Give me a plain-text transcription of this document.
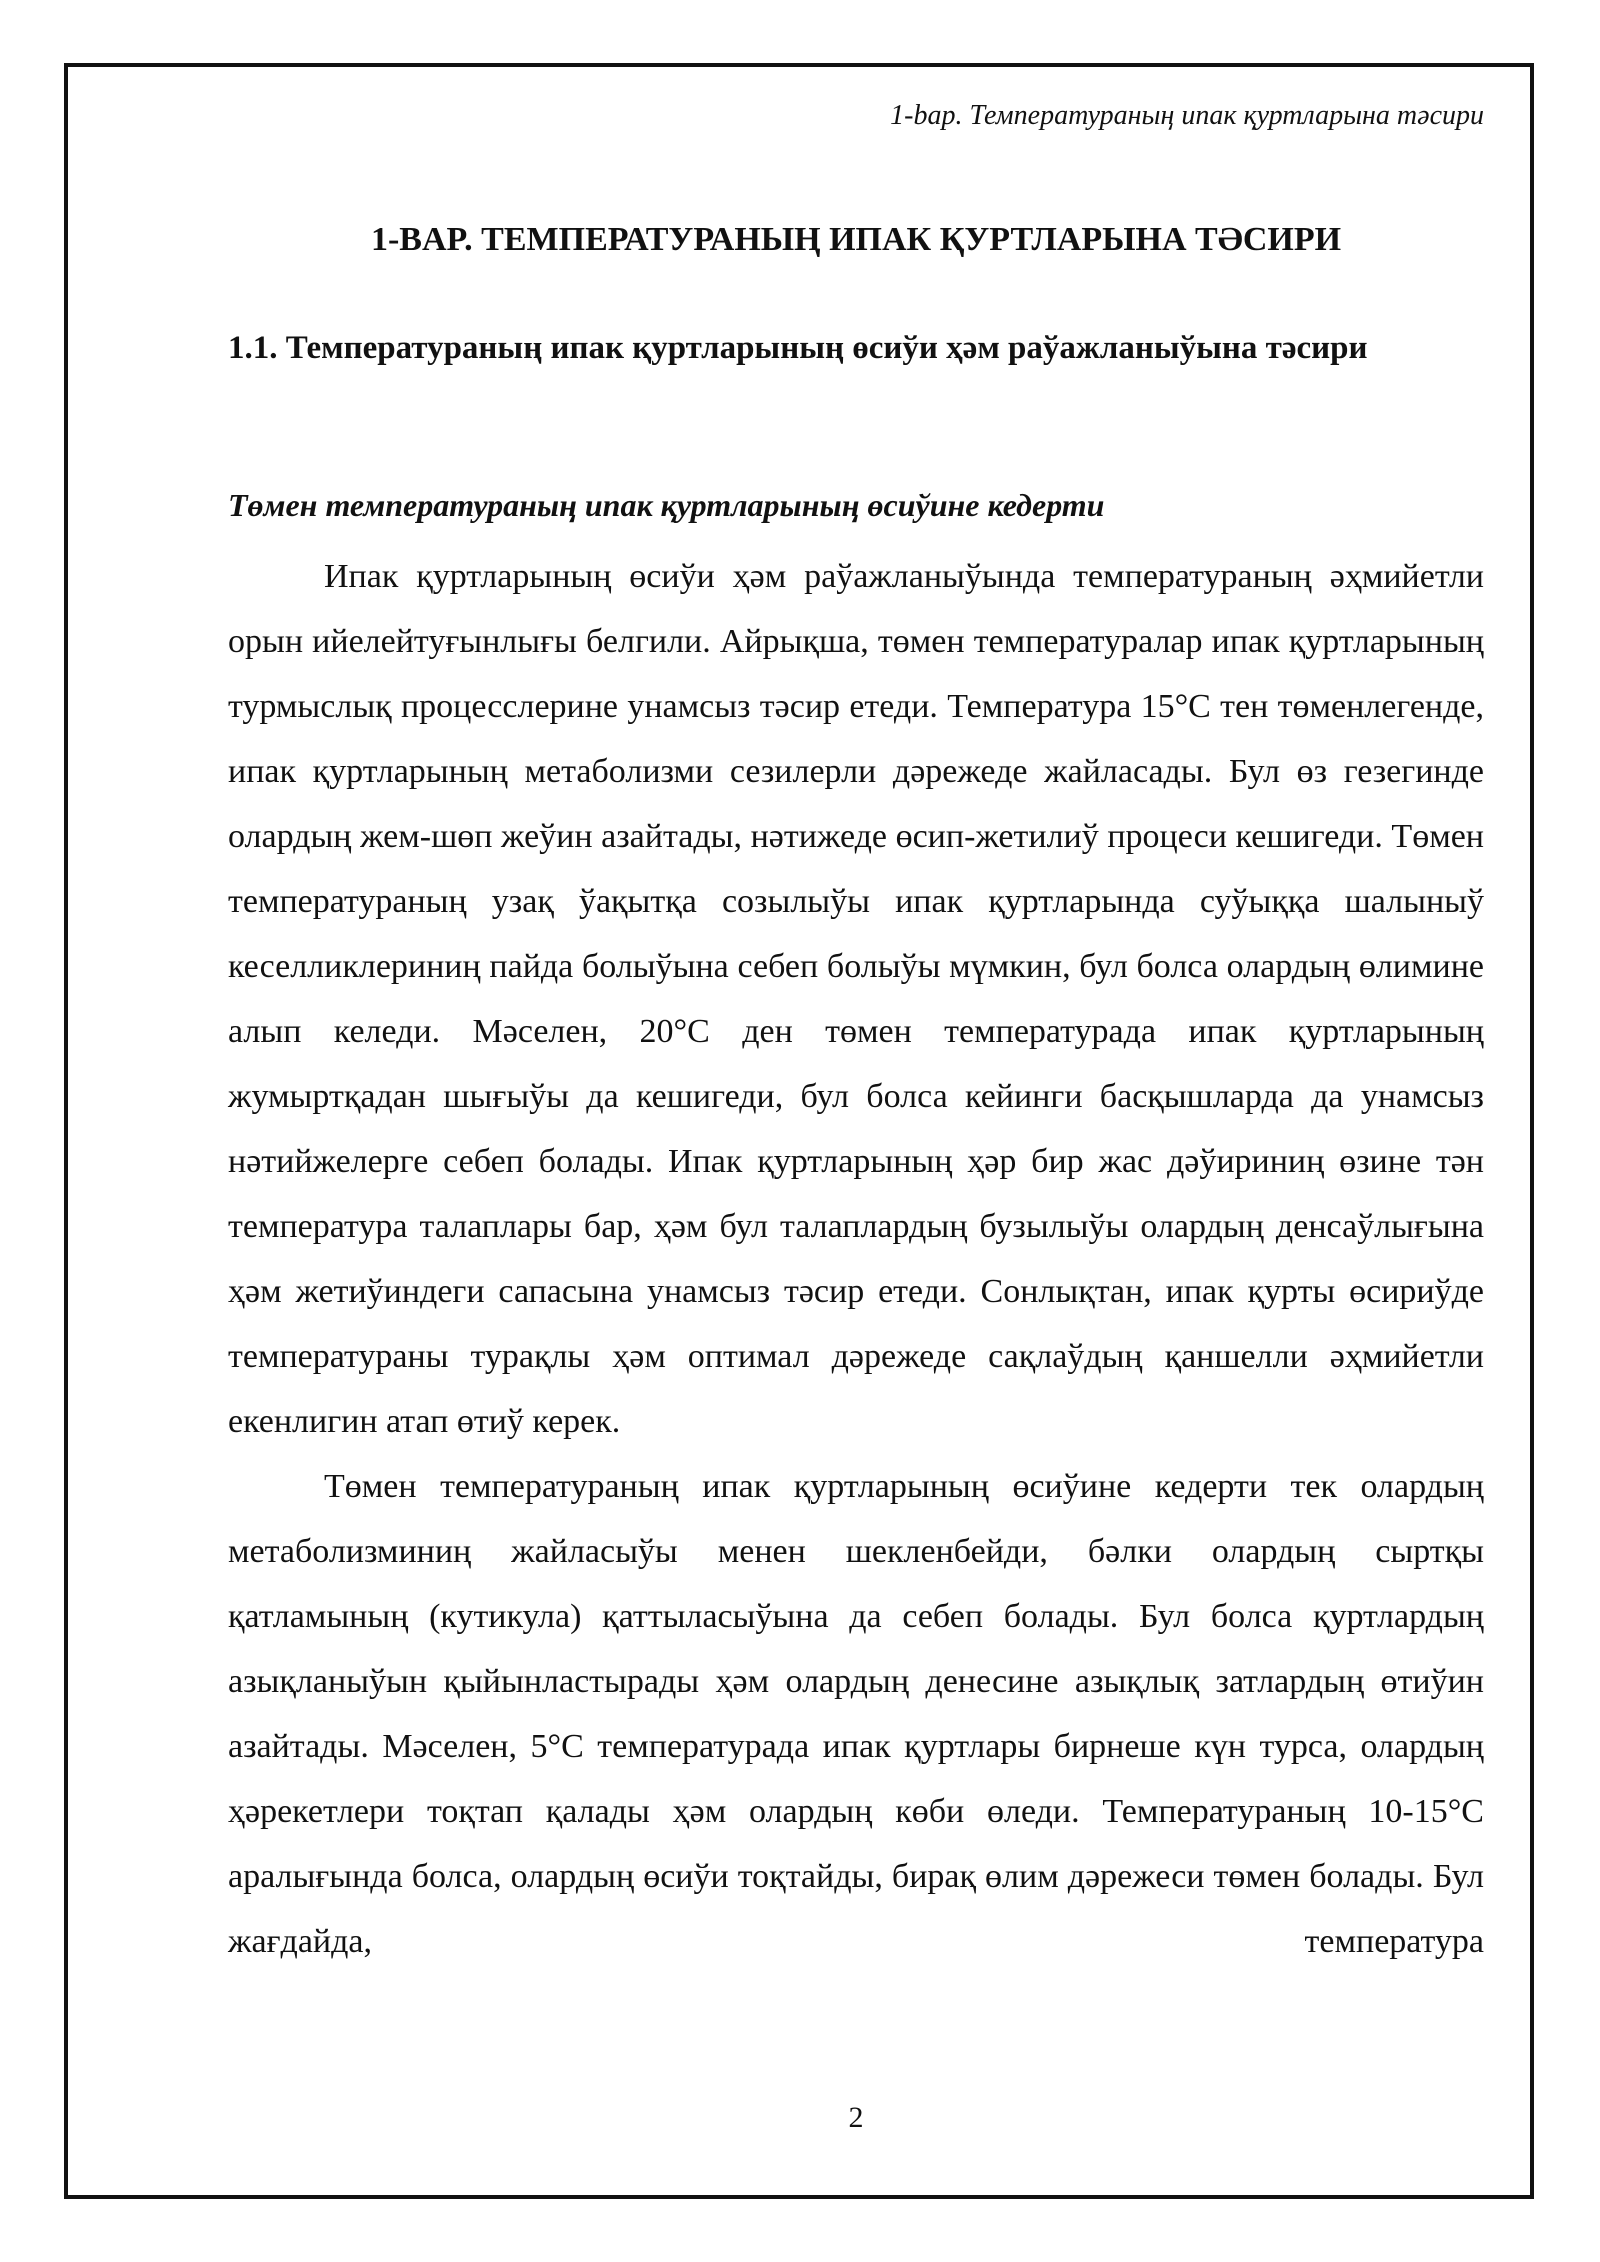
1-bap. Температураның ипак қуртларына тәсири
1-BAP. ТЕМПЕРАТУРАНЫҢ ИПАК ҚУРТЛАРЫНА ТӘСИРИ
1.1. Температураның ипак қуртларының өсиўи ҳәм раўажланыўына тәсири
Төмен температураның ипак қуртларының өсиўине кедерти

Ипак қуртларының өсиўи ҳәм раўажланыўында температураның әҳмийетли орын ийелейтуғынлығы белгили. Айрықша, төмен температуралар ипак қуртларының турмыслық процесслерине унамсыз тәсир етеди. Температура 15°C тен төменлегенде, ипак қуртларының метаболизми сезилерли дәрежеде жайласады. Бул өз гезегинде олардың жем-шөп жеўин азайтады, нәтижеде өсип-жетилиў процеси кешигеди. Төмен температураның узақ ўақытқа созылыўы ипак қуртларында суўыққа шалыныў кеселликлериниң пайда болыўына себеп болыўы мүмкин, бул болса олардың өлимине алып келеди. Мәселен, 20°C ден төмен температурада ипак қуртларының жумыртқадан шығыўы да кешигеди, бул болса кейинги басқышларда да унамсыз нәтийжелерге себеп болады. Ипак қуртларының ҳәр бир жас дәўириниң өзине тән температура талаплары бар, ҳәм бул талаплардың бузылыўы олардың денсаўлығына ҳәм жетиўиндеги сапасына унамсыз тәсир етеди. Сонлықтан, ипак қурты өсириўде температураны турақлы ҳәм оптимал дәрежеде сақлаўдың қаншелли әҳмийетли екенлигин атап өтиў керек.

Төмен температураның ипак қуртларының өсиўине кедерти тек олардың метаболизминиң жайласыўы менен шекленбейди, бәлки олардың сыртқы қатламының (кутикула) қаттыласыўына да себеп болады. Бул болса қуртлардың азықланыўын қыйынластырады ҳәм олардың денесине азықлық затлардың өтиўин азайтады. Мәселен, 5°C температурада ипак қуртлары бирнеше күн турса, олардың ҳәрекетлери тоқтап қалады ҳәм олардың көби өледи. Температураның 10-15°C аралығында болса, олардың өсиўи тоқтайды, бирақ өлим дәрежеси төмен болады. Бул жағдайда, температура

2
